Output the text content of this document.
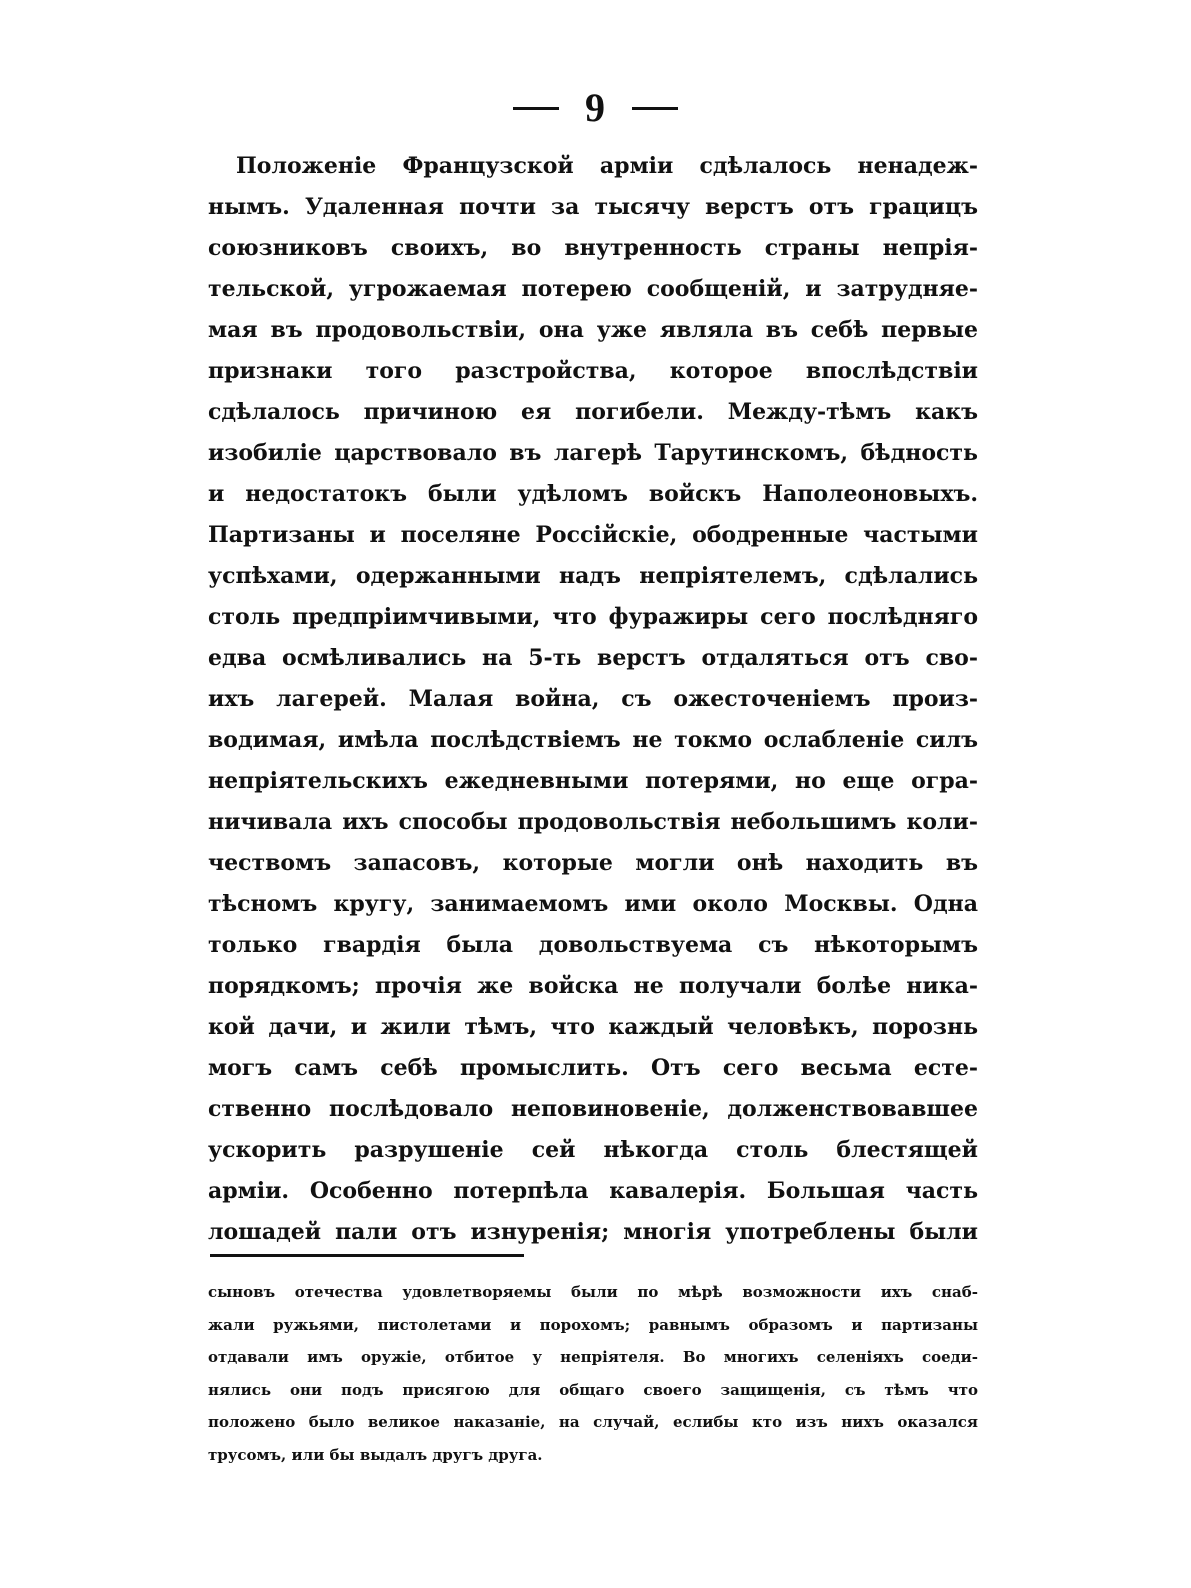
9
Положеніе Французской арміи сдѣлалось ненадеж-
нымъ. Удаленная почти за тысячу верстъ отъ грацицъ
союзниковъ своихъ, во внутренность страны непрія-
тельской, угрожаемая потерею сообщеній, и затрудняе-
мая въ продовольствіи, она уже являла въ себѣ первые
признаки того разстройства, которое впослѣдствіи
сдѣлалось причиною ея погибели. Между-тѣмъ какъ
изобиліе царствовало въ лагерѣ Тарутинскомъ, бѣдность
и недостатокъ были удѣломъ войскъ Наполеоновыхъ.
Партизаны и поселяне Россійскіе, ободренные частыми
успѣхами, одержанными надъ непріятелемъ, сдѣлались
столь предпріимчивыми, что фуражиры сего послѣдняго
едва осмѣливались на 5-ть верстъ отдаляться отъ сво-
ихъ лагерей. Малая война, съ ожесточеніемъ произ-
водимая, имѣла послѣдствіемъ не токмо ослабленіе силъ
непріятельскихъ ежедневными потерями, но еще огра-
ничивала ихъ способы продовольствія небольшимъ коли-
чествомъ запасовъ, которые могли онѣ находить въ
тѣсномъ кругу, занимаемомъ ими около Москвы. Одна
только гвардія была довольствуема съ нѣкоторымъ
порядкомъ; прочія же войска не получали болѣе ника-
кой дачи, и жили тѣмъ, что каждый человѣкъ, порознь
могъ самъ себѣ промыслить. Отъ сего весьма есте-
ственно послѣдовало неповиновеніе, долженствовавшее
ускорить разрушеніе сей нѣкогда столь блестящей
арміи. Особенно потерпѣла кавалерія. Большая часть
лошадей пали отъ изнуренія; многія употреблены были
сыновъ отечества удовлетворяемы были по мѣрѣ возможности ихъ снаб-
жали ружьями, пистолетами и порохомъ; равнымъ образомъ и партизаны
отдавали имъ оружіе, отбитое у непріятеля. Во многихъ селеніяхъ соеди-
нялись они подъ присягою для общаго своего защищенія, съ тѣмъ что
положено было великое наказаніе, на случай, еслибы кто изъ нихъ оказался
трусомъ, или бы выдалъ другъ друга.
